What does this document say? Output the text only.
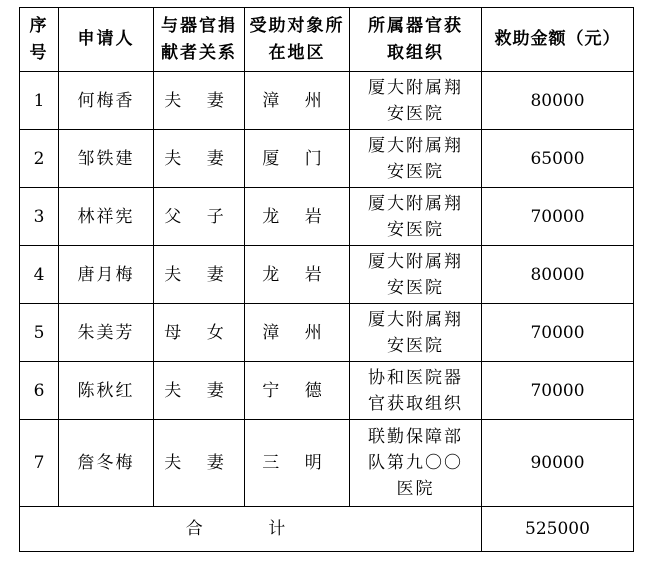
序号	申请人	与器官捐献者关系	受助对象所在地区	所属器官获取组织	救助金额（元）
1	何梅香	夫 妻	漳 州	厦大附属翔安医院	80000
2	邹铁建	夫 妻	厦 门	厦大附属翔安医院	65000
3	林祥宪	父 子	龙 岩	厦大附属翔安医院	70000
4	唐月梅	夫 妻	龙 岩	厦大附属翔安医院	80000
5	朱美芳	母 女	漳 州	厦大附属翔安医院	70000
6	陈秋红	夫 妻	宁 德	协和医院器官获取组织	70000
7	詹冬梅	夫 妻	三 明	联勤保障部队第九〇〇医院	90000
合 计					525000
